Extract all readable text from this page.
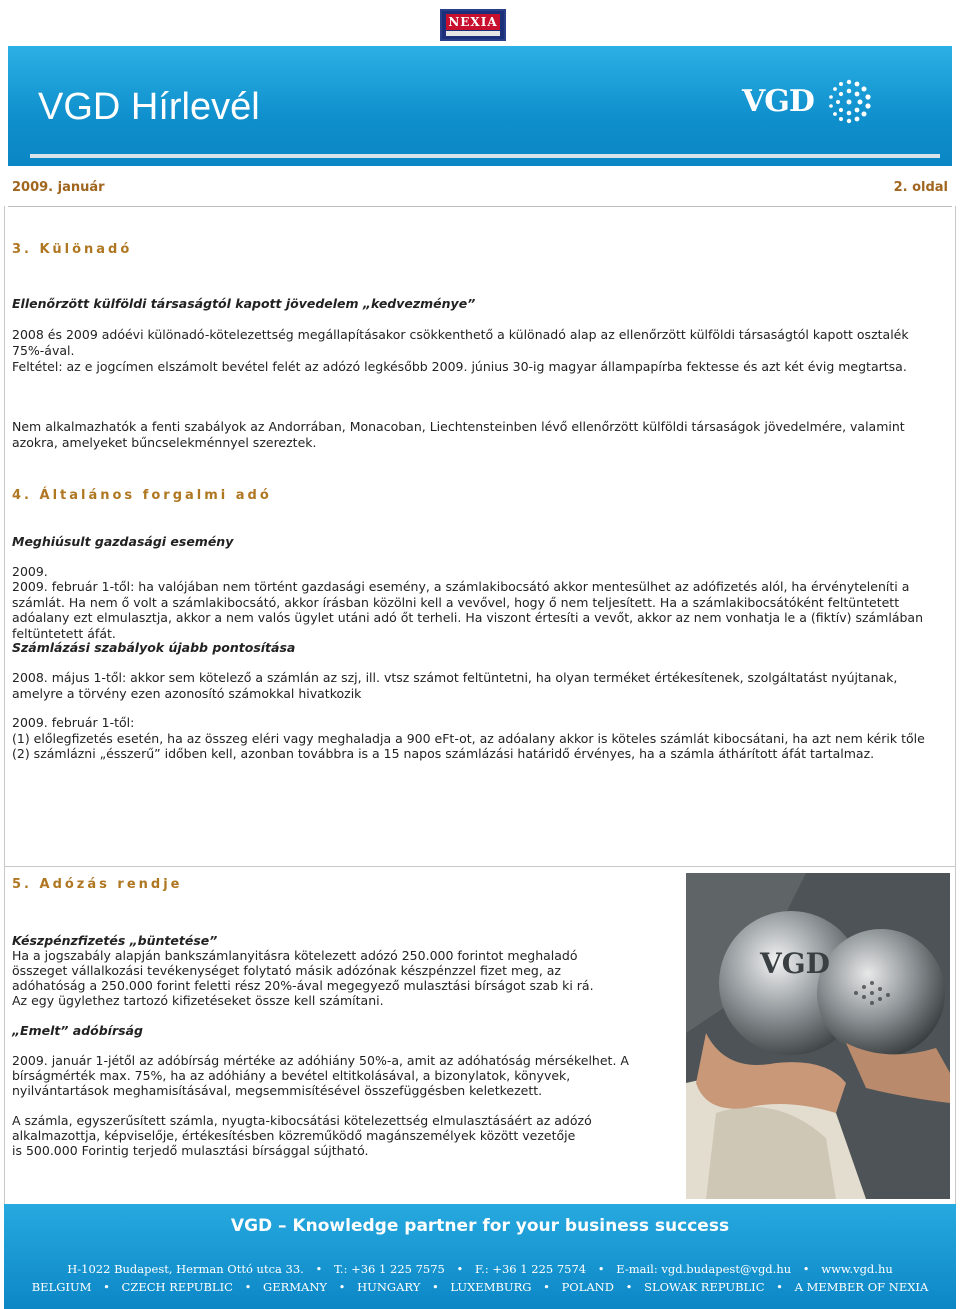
NEXIA
VGD Hírlevél	VGD
2009. január	2. oldal
3. Különadó
Ellenőrzött külföldi társaságtól kapott jövedelem „kedvezménye”
2008 és 2009 adóévi különadó-kötelezettség megállapításakor csökkenthető a különadó alap az ellenőrzött külföldi társaságtól kapott osztalék 75%-ával.
Feltétel: az e jogcímen elszámolt bevétel felét az adózó legkésőbb 2009. június 30-ig magyar állampapírba fektesse és azt két évig megtartsa.
Nem alkalmazhatók a fenti szabályok az Andorrában, Monacoban, Liechtensteinben lévő ellenőrzött külföldi társaságok jövedelmére, valamint azokra, amelyeket bűncselekménnyel szereztek.
4. Általános forgalmi adó
Meghiúsult gazdasági esemény
2009.
2009. február 1-től: ha valójában nem történt gazdasági esemény, a számlakibocsátó akkor mentesülhet az adófizetés alól, ha érvényteleníti a számlát. Ha nem ő volt a számlakibocsátó, akkor írásban közölni kell a vevővel, hogy ő nem teljesített. Ha a számlakibocsátóként feltüntetett adóalany ezt elmulasztja, akkor a nem valós ügylet utáni adó őt terheli. Ha viszont értesíti a vevőt, akkor az nem vonhatja le a (fiktív) számlában feltüntetett áfát.
Számlázási szabályok újabb pontosítása
2008. május 1-től: akkor sem kötelező a számlán az szj, ill. vtsz számot feltüntetni, ha olyan terméket értékesítenek, szolgáltatást nyújtanak, amelyre a törvény ezen azonosító számokkal hivatkozik
2009. február 1-től:
(1) előlegfizetés esetén, ha az összeg eléri vagy meghaladja a 900 eFt-ot, az adóalany akkor is köteles számlát kibocsátani, ha azt nem kérik tőle
(2) számlázni „ésszerű” időben kell, azonban továbbra is a 15 napos számlázási határidő érvényes, ha a számla áthárított áfát tartalmaz.
VGD
5. Adózás rendje
Készpénzfizetés „büntetése”
Ha a jogszabály alapján bankszámlanyitásra kötelezett adózó 250.000 forintot meghaladó
összeget vállalkozási tevékenységet folytató másik adózónak készpénzzel fizet meg, az
adóhatóság a 250.000 forint feletti rész 20%-ával megegyező mulasztási bírságot szab ki rá.
Az egy ügylethez tartozó kifizetéseket össze kell számítani.
„Emelt” adóbírság
2009. január 1-jétől az adóbírság mértéke az adóhiány 50%-a, amit az adóhatóság mérsékelhet. A
bírságmérték max. 75%, ha az adóhiány a bevétel eltitkolásával, a bizonylatok, könyvek,
nyilvántartások meghamisításával, megsemmisítésével összefüggésben keletkezett.
A számla, egyszerűsített számla, nyugta-kibocsátási kötelezettség elmulasztásáért az adózó
alkalmazottja, képviselője, értékesítésben közreműködő magánszemélyek között vezetője
is 500.000 Forintig terjedő mulasztási bírsággal sújtható.
VGD – Knowledge partner for your business success
H-1022 Budapest, Herman Ottó utca 33. • T.: +36 1 225 7575 • F.: +36 1 225 7574 • E-mail: vgd.budapest@vgd.hu • www.vgd.hu
BELGIUM • CZECH REPUBLIC • GERMANY • HUNGARY • LUXEMBURG • POLAND • SLOWAK REPUBLIC • A MEMBER OF NEXIA
